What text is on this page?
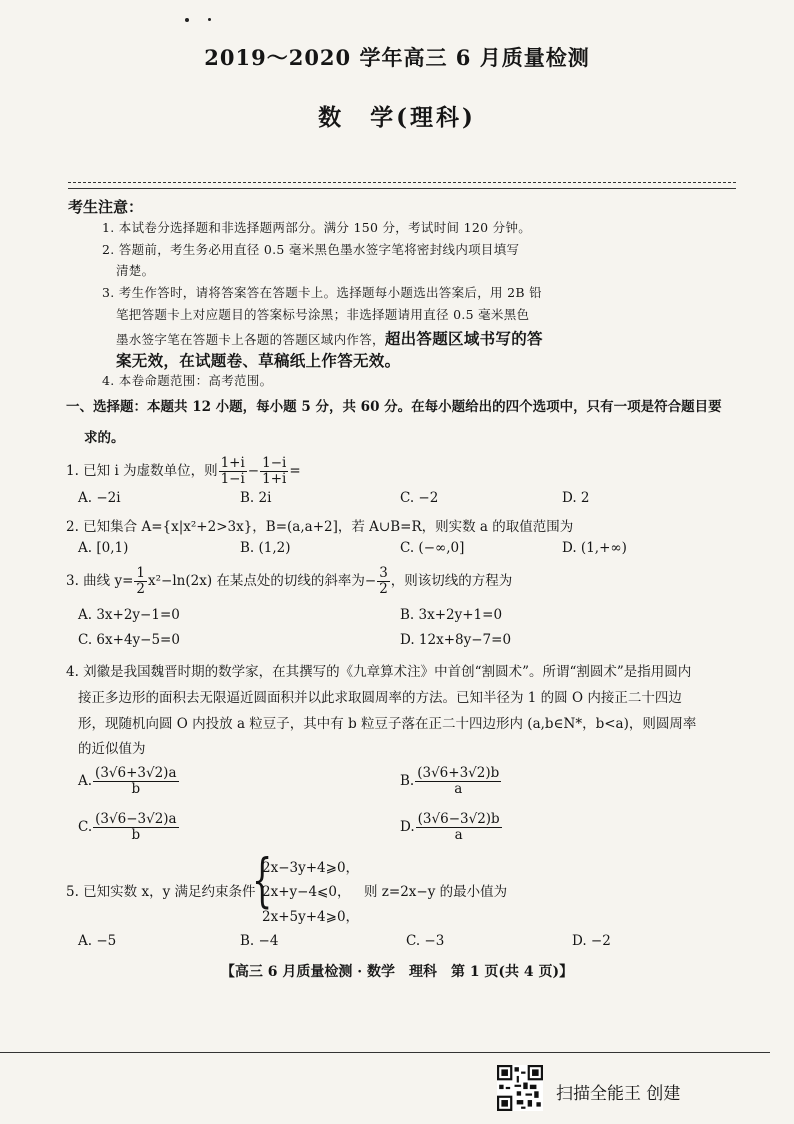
2019～2020 学年高三 6 月质量检测
数　学(理科)
考生注意：
1. 本试卷分选择题和非选择题两部分。满分 150 分，考试时间 120 分钟。
2. 答题前，考生务必用直径 0.5 毫米黑色墨水签字笔将密封线内项目填写
清楚。
3. 考生作答时，请将答案答在答题卡上。选择题每小题选出答案后，用 2B 铅
笔把答题卡上对应题目的答案标号涂黑；非选择题请用直径 0.5 毫米黑色
墨水签字笔在答题卡上各题的答题区域内作答，超出答题区域书写的答
案无效，在试题卷、草稿纸上作答无效。
4. 本卷命题范围：高考范围。
一、选择题：本题共 12 小题，每小题 5 分，共 60 分。在每小题给出的四个选项中，只有一项是符合题目要
求的。
1. 已知 i 为虚数单位，则 $\frac{1+i}{1-i} - \frac{1-i}{1+i}$ =
A. −2i	B. 2i	C. −2	D. 2
2. 已知集合 A={x|x²+2>3x}，B=(a,a+2]，若 A∪B=R，则实数 a 的取值范围为
A. [0,1)	B. (1,2)	C. (−∞,0]	D. (1,+∞)
3. 曲线 $y= \frac{1}{2} x^2-\ln(2x)$ 在某点处的切线的斜率为− $\frac{3}{2}$ ，则该切线的方程为
A. 3x+2y−1=0	B. 3x+2y+1=0
C. 6x+4y−5=0	D. 12x+8y−7=0
4. 刘徽是我国魏晋时期的数学家，在其撰写的《九章算术注》中首创“割圆术”。所谓“割圆术”是指用圆内
接正多边形的面积去无限逼近圆面积并以此求取圆周率的方法。已知半径为 1 的圆 O 内接正二十四边
形，现随机向圆 O 内投放 a 粒豆子，其中有 b 粒豆子落在正二十四边形内 (a,b∈N*，b<a)，则圆周率
的近似值为
A. $\frac{(3√6+3√2)a}{b}$	B. $\frac{(3√6+3√2)b}{a}$
C. $\frac{(3√6-3√2)a}{b}$	D. $\frac{(3√6-3√2)b}{a}$
5. 已知实数 x，y 满足约束条件
{
2x−3y+4⩾0，
2x+y−4⩽0，
2x+5y+4⩾0，
则 z=2x−y 的最小值为
A. −5	B. −4	C. −3	D. −2
【高三 6 月质量检测 · 数学　理科　第 1 页(共 4 页)】
扫描全能王 创建
